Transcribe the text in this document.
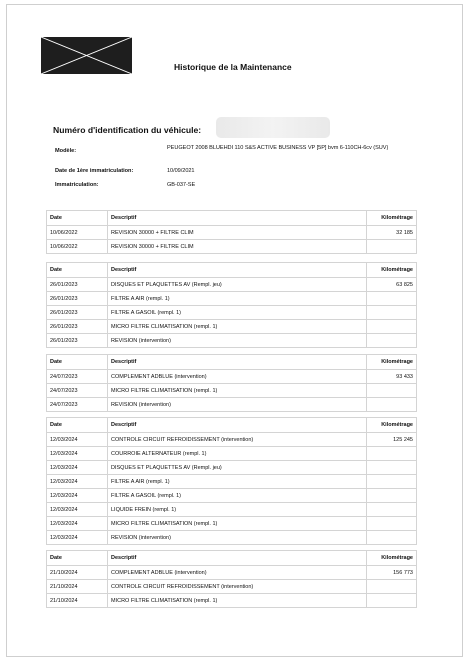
Historique de la Maintenance
Numéro d'identification du véhicule:
Modèle:	PEUGEOT 2008 BLUEHDI 110 S&S ACTIVE BUSINESS VP [5P] bvm 6-110CH-6cv (SUV)
Date de 1ère immatriculation:	10/09/2021
Immatriculation:	GB-037-SE
Date	Descriptif	Kilométrage
10/06/2022	REVISION 30000 + FILTRE CLIM	32 185
10/06/2022	REVISION 30000 + FILTRE CLIM	
Date	Descriptif	Kilométrage
26/01/2023	DISQUES ET PLAQUETTES AV (Rempl. jeu)	63 825
26/01/2023	FILTRE A AIR (rempl. 1)	
26/01/2023	FILTRE A GASOIL (rempl. 1)	
26/01/2023	MICRO FILTRE CLIMATISATION (rempl. 1)	
26/01/2023	REVISION (intervention)	
Date	Descriptif	Kilométrage
24/07/2023	COMPLEMENT ADBLUE (intervention)	93 433
24/07/2023	MICRO FILTRE CLIMATISATION (rempl. 1)	
24/07/2023	REVISION (intervention)	
Date	Descriptif	Kilométrage
12/03/2024	CONTROLE CIRCUIT REFROIDISSEMENT (intervention)	125 245
12/03/2024	COURROIE ALTERNATEUR (rempl. 1)	
12/03/2024	DISQUES ET PLAQUETTES AV (Rempl. jeu)	
12/03/2024	FILTRE A AIR (rempl. 1)	
12/03/2024	FILTRE A GASOIL (rempl. 1)	
12/03/2024	LIQUIDE FREIN (rempl. 1)	
12/03/2024	MICRO FILTRE CLIMATISATION (rempl. 1)	
12/03/2024	REVISION (intervention)	
Date	Descriptif	Kilométrage
21/10/2024	COMPLEMENT ADBLUE (intervention)	156 773
21/10/2024	CONTROLE CIRCUIT REFROIDISSEMENT (intervention)	
21/10/2024	MICRO FILTRE CLIMATISATION (rempl. 1)	
